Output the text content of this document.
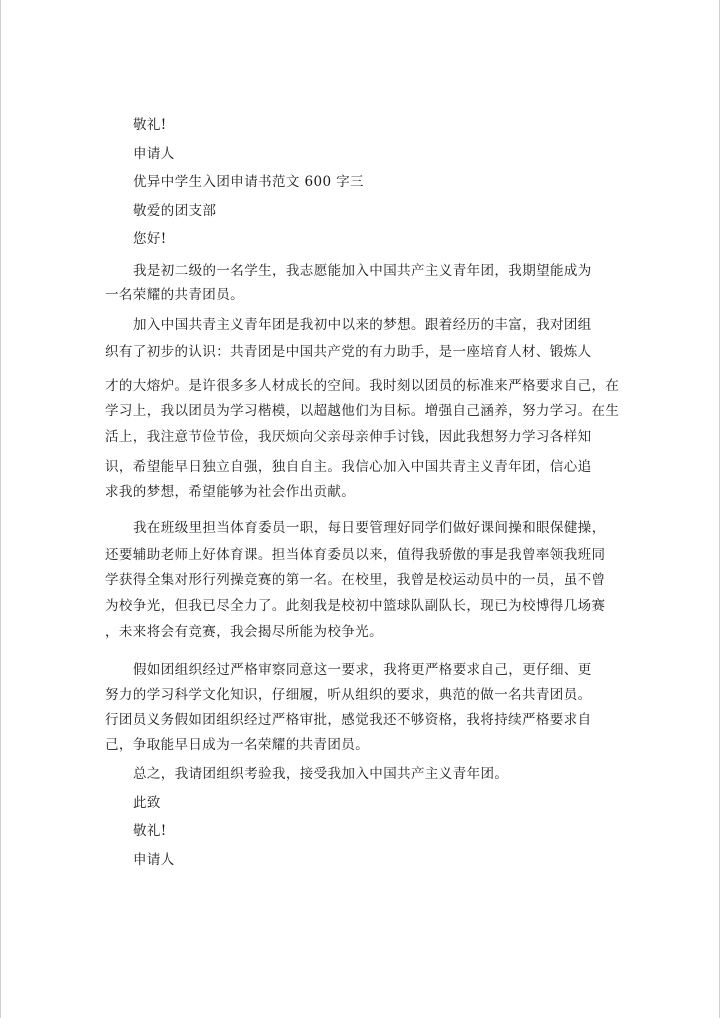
敬礼!
申请人
优异中学生入团申请书范文 600 字三
敬爱的团支部
您好!
我是初二级的一名学生，我志愿能加入中国共产主义青年团，我期望能成为
一名荣耀的共青团员。
加入中国共青主义青年团是我初中以来的梦想。跟着经历的丰富，我对团组
织有了初步的认识：共青团是中国共产党的有力助手，是一座培育人材、锻炼人
才的大熔炉。是许很多多人材成长的空间。我时刻以团员的标准来严格要求自己，在
学习上，我以团员为学习楷模，以超越他们为目标。增强自己涵养，努力学习。在生
活上，我注意节俭节俭，我厌烦向父亲母亲伸手讨钱，因此我想努力学习各样知
识，希望能早日独立自强，独自自主。我信心加入中国共青主义青年团，信心追
求我的梦想，希望能够为社会作出贡献。
我在班级里担当体育委员一职，每日要管理好同学们做好课间操和眼保健操，
还要辅助老师上好体育课。担当体育委员以来，值得我骄傲的事是我曾率领我班同
学获得全集对形行列操竞赛的第一名。在校里，我曾是校运动员中的一员，虽不曾
为校争光，但我已尽全力了。此刻我是校初中篮球队副队长，现已为校博得几场赛
，未来将会有竞赛，我会揭尽所能为校争光。
假如团组织经过严格审察同意这一要求，我将更严格要求自己，更仔细、更
努力的学习科学文化知识，仔细履，听从组织的要求，典范的做一名共青团员。
行团员义务假如团组织经过严格审批，感觉我还不够资格，我将持续严格要求自
己，争取能早日成为一名荣耀的共青团员。
总之，我请团组织考验我，接受我加入中国共产主义青年团。
此致
敬礼!
申请人
